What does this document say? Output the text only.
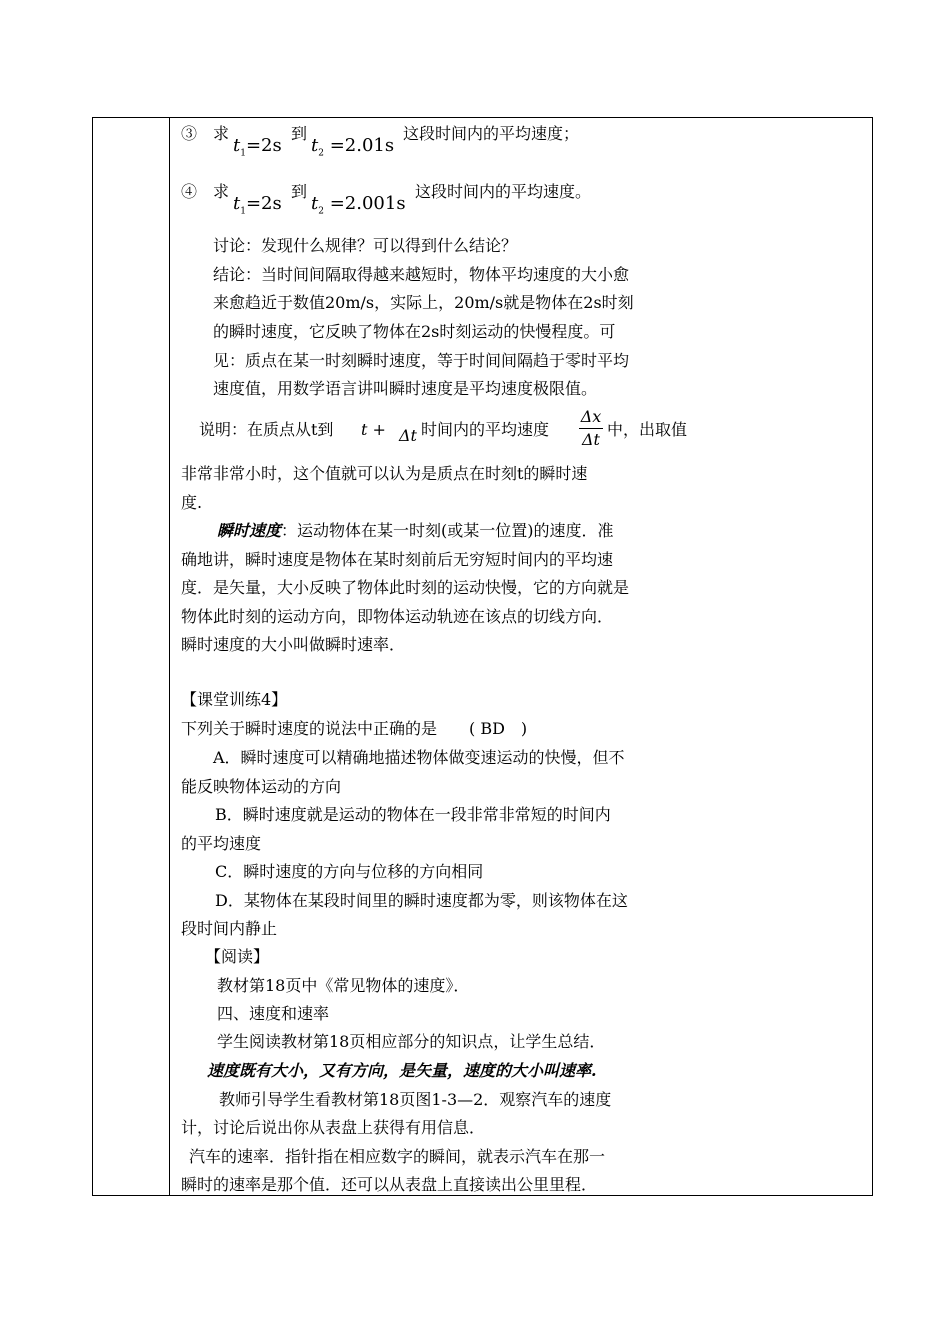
③　 求
$t_1=2s$
到
$t_2 =2.01s$
这段时间内的平均速度；
④　 求
$t_1=2s$
到
$t_2 =2.001s$
这段时间内的平均速度。
讨论：发现什么规律？可以得到什么结论？
结论：当时间间隔取得越来越短时，物体平均速度的大小愈
来愈趋近于数值20m/s，实际上，20m/s就是物体在2s时刻
的瞬时速度，它反映了物体在2s时刻运动的快慢程度。可
见：质点在某一时刻瞬时速度，等于时间间隔趋于零时平均
速度值，用数学语言讲叫瞬时速度是平均速度极限值。
说明：在质点从t到 t + Δt 时间内的平均速度
Δx
Δt
中，出取值
非常非常小时，这个值就可以认为是质点在时刻t的瞬时速
度.
瞬时速度：运动物体在某一时刻(或某一位置)的速度．准
确地讲，瞬时速度是物体在某时刻前后无穷短时间内的平均速
度．是矢量，大小反映了物体此时刻的运动快慢，它的方向就是
物体此时刻的运动方向，即物体运动轨迹在该点的切线方向．
瞬时速度的大小叫做瞬时速率．
【课堂训练4】
下列关于瞬时速度的说法中正确的是　　( BD　)
A．瞬时速度可以精确地描述物体做变速运动的快慢，但不
能反映物体运动的方向
B．瞬时速度就是运动的物体在一段非常非常短的时间内
的平均速度
C．瞬时速度的方向与位移的方向相同
D．某物体在某段时间里的瞬时速度都为零，则该物体在这
段时间内静止
【阅读】
教材第18页中《常见物体的速度》．
四、速度和速率
学生阅读教材第18页相应部分的知识点，让学生总结．
速度既有大小，又有方向，是矢量，速度的大小叫速率.
教师引导学生看教材第18页图1-3—2．观察汽车的速度
计，讨论后说出你从表盘上获得有用信息．
汽车的速率．指针指在相应数字的瞬间，就表示汽车在那一
瞬时的速率是那个值．还可以从表盘上直接读出公里里程．
